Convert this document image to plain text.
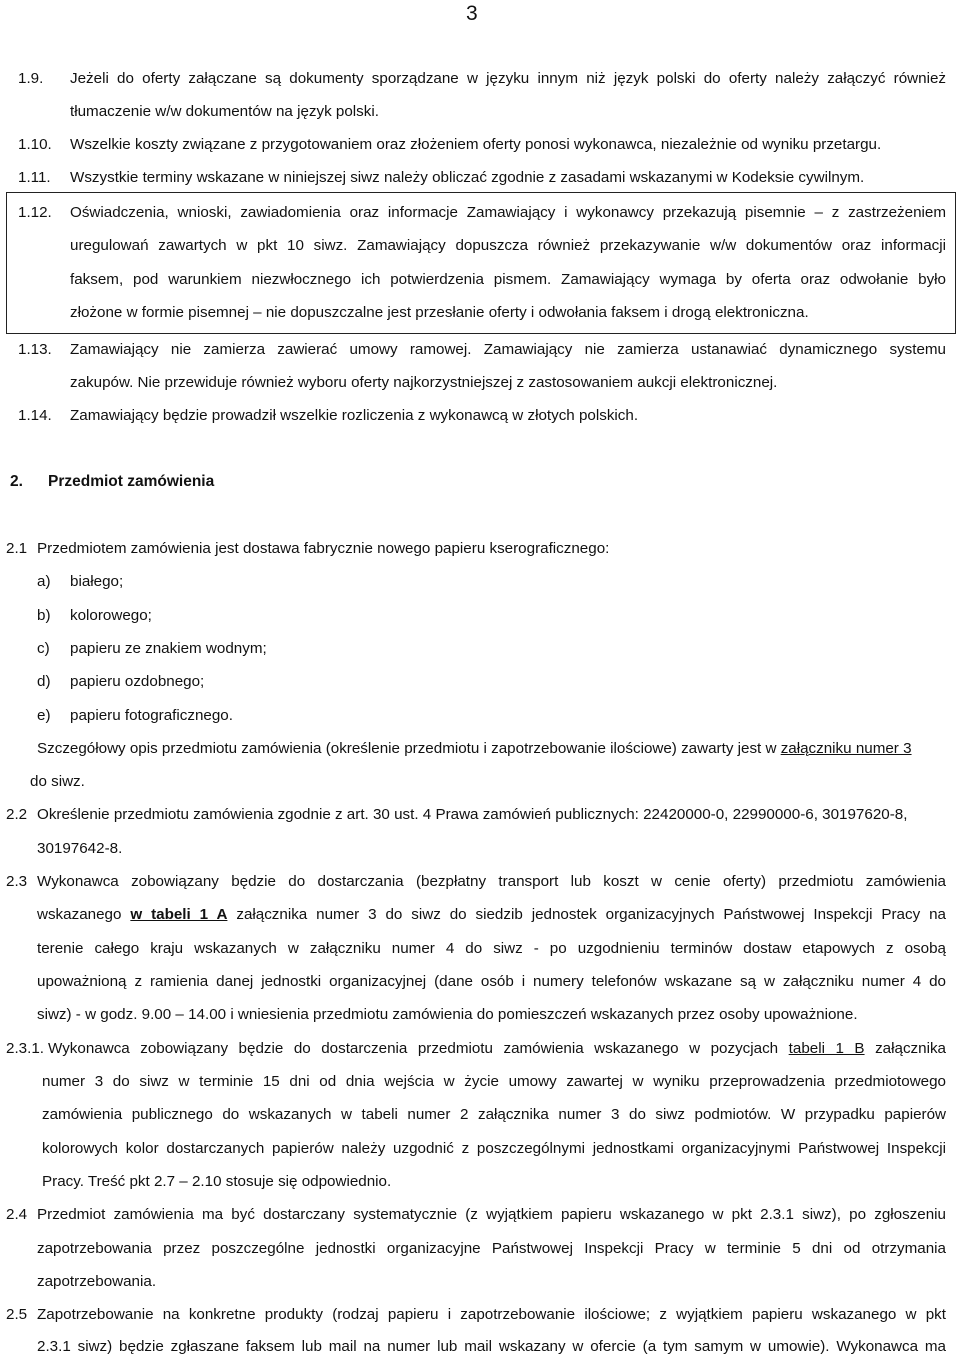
3
1.9. Jeżeli do oferty załączane są dokumenty sporządzane w języku innym niż język polski do oferty należy załączyć również
tłumaczenie w/w dokumentów na język polski.
1.10. Wszelkie koszty związane z przygotowaniem oraz złożeniem oferty ponosi wykonawca, niezależnie od wyniku przetargu.
1.11. Wszystkie terminy wskazane w niniejszej siwz należy obliczać zgodnie z zasadami wskazanymi w Kodeksie cywilnym.
1.12. Oświadczenia, wnioski, zawiadomienia oraz informacje Zamawiający i wykonawcy przekazują pisemnie – z zastrzeżeniem
uregulowań zawartych w pkt 10 siwz. Zamawiający dopuszcza również przekazywanie w/w dokumentów oraz informacji
faksem, pod warunkiem niezwłocznego ich potwierdzenia pismem. Zamawiający wymaga by oferta oraz odwołanie było
złożone w formie pisemnej – nie dopuszczalne jest przesłanie oferty i odwołania faksem i drogą elektroniczna.
1.13. Zamawiający nie zamierza zawierać umowy ramowej. Zamawiający nie zamierza ustanawiać dynamicznego systemu
zakupów. Nie przewiduje również wyboru oferty najkorzystniejszej z zastosowaniem aukcji elektronicznej.
1.14. Zamawiający będzie prowadził wszelkie rozliczenia z wykonawcą w złotych polskich.
2. Przedmiot zamówienia
2.1 Przedmiotem zamówienia jest dostawa fabrycznie nowego papieru kserograficznego:
a) białego;
b) kolorowego;
c) papieru ze znakiem wodnym;
d) papieru ozdobnego;
e) papieru fotograficznego.
Szczegółowy opis przedmiotu zamówienia (określenie przedmiotu i zapotrzebowanie ilościowe) zawarty jest w załączniku numer 3
do siwz.
2.2 Określenie przedmiotu zamówienia zgodnie z art. 30 ust. 4 Prawa zamówień publicznych: 22420000-0, 22990000-6, 30197620-8,
30197642-8.
2.3 Wykonawca zobowiązany będzie do dostarczania (bezpłatny transport lub koszt w cenie oferty) przedmiotu zamówienia
wskazanego w tabeli 1 A załącznika numer 3 do siwz do siedzib jednostek organizacyjnych Państwowej Inspekcji Pracy na
terenie całego kraju wskazanych w załączniku numer 4 do siwz - po uzgodnieniu terminów dostaw etapowych z osobą
upoważnioną z ramienia danej jednostki organizacyjnej (dane osób i numery telefonów wskazane są w załączniku numer 4 do
siwz) - w godz. 9.00 – 14.00 i wniesienia przedmiotu zamówienia do pomieszczeń wskazanych przez osoby upoważnione.
2.3.1. Wykonawca zobowiązany będzie do dostarczenia przedmiotu zamówienia wskazanego w pozycjach tabeli 1 B załącznika
numer 3 do siwz w terminie 15 dni od dnia wejścia w życie umowy zawartej w wyniku przeprowadzenia przedmiotowego
zamówienia publicznego do wskazanych w tabeli numer 2 załącznika numer 3 do siwz podmiotów. W przypadku papierów
kolorowych kolor dostarczanych papierów należy uzgodnić z poszczególnymi jednostkami organizacyjnymi Państwowej Inspekcji
Pracy. Treść pkt 2.7 – 2.10 stosuje się odpowiednio.
2.4 Przedmiot zamówienia ma być dostarczany systematycznie (z wyjątkiem papieru wskazanego w pkt 2.3.1 siwz), po zgłoszeniu
zapotrzebowania przez poszczególne jednostki organizacyjne Państwowej Inspekcji Pracy w terminie 5 dni od otrzymania
zapotrzebowania.
2.5 Zapotrzebowanie na konkretne produkty (rodzaj papieru i zapotrzebowanie ilościowe; z wyjątkiem papieru wskazanego w pkt
2.3.1 siwz) będzie zgłaszane faksem lub mail na numer lub mail wskazany w ofercie (a tym samym w umowie). Wykonawca ma
